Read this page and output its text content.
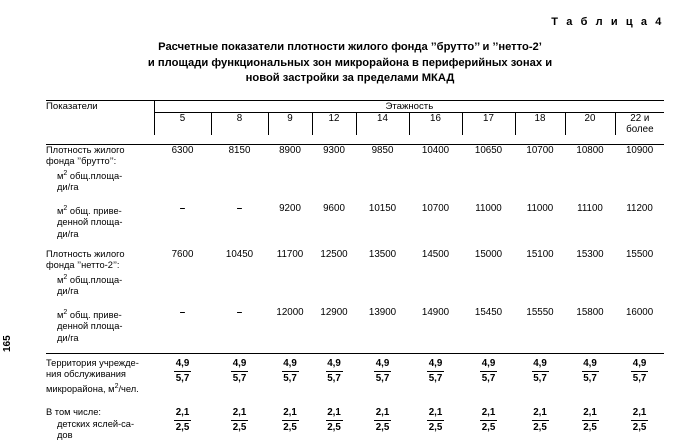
Т а б л и ц а 4
Расчетные показатели плотности жилого фонда ’’брутто’’ и ’’нетто-2’
и площади функциональных зон микрорайона в периферийных зонах и
новой застройки за пределами МКАД
165
Показатели	Этажность									
	5	8	9	12	14	16	17	18	20	22 и более

Плотность жилого
фонда ’’брутто’’:

$м^2$ общ.площа-
ди/га	6300	8150	8900	9300	9850	10400	10650	10700	10800	10900

$м^2$ общ. приве-
денной площа-
ди/га	–	–	9200	9600	10150	10700	11000	11000	11100	11200

Плотность жилого
фонда ’’нетто-2’’:

$м^2$ общ.площа-
ди/га	7600	10450	11700	12500	13500	14500	15000	15100	15300	15500

$м^2$ общ. приве-
денной площа-
ди/га	–	–	12000	12900	13900	14900	15450	15550	15800	16000

Территория учрежде-
ния обслуживания
микрорайона, $м^2$/чел.	$\frac{4,9}{5,7}$	$\frac{4,9}{5,7}$	$\frac{4,9}{5,7}$	$\frac{4,9}{5,7}$	$\frac{4,9}{5,7}$	$\frac{4,9}{5,7}$	$\frac{4,9}{5,7}$	$\frac{4,9}{5,7}$	$\frac{4,9}{5,7}$	$\frac{4,9}{5,7}$

В том числе:

детских яслей-са-
дов	$\frac{2,1}{2,5}$	$\frac{2,1}{2,5}$	$\frac{2,1}{2,5}$	$\frac{2,1}{2,5}$	$\frac{2,1}{2,5}$	$\frac{2,1}{2,5}$	$\frac{2,1}{2,5}$	$\frac{2,1}{2,5}$	$\frac{2,1}{2,5}$	$\frac{2,1}{2,5}$
